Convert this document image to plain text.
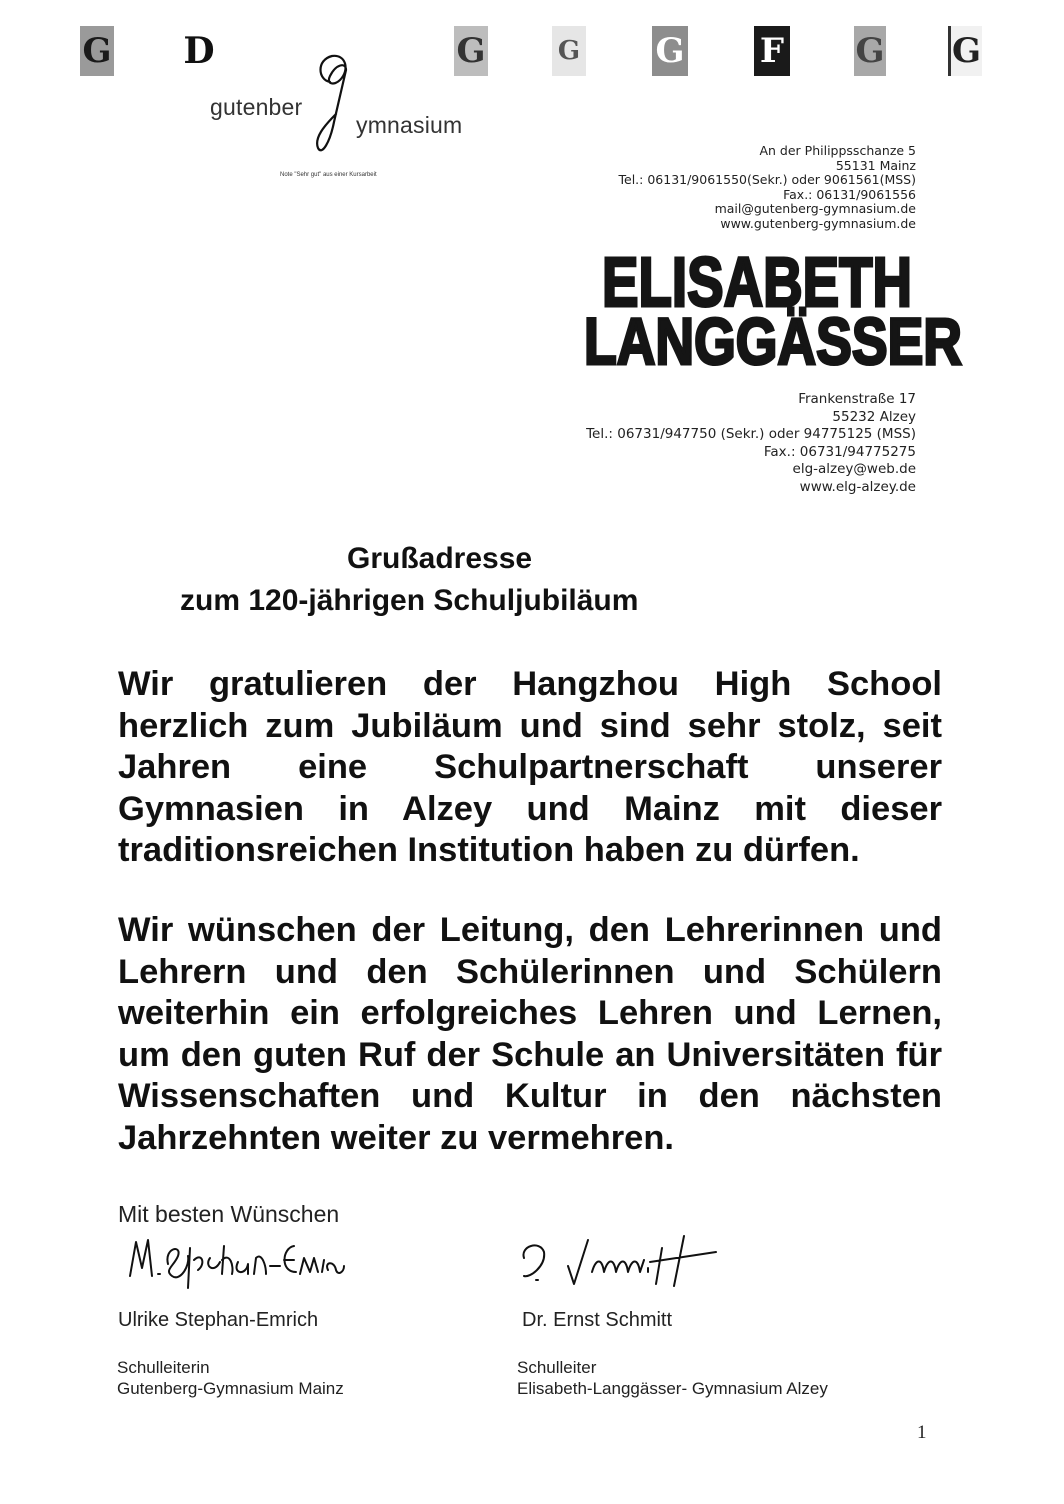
G D	G	G G F G G
gutenber
ymnasium
Note "Sehr gut" aus einer Kursarbeit
An der Philippsschanze 5
55131 Mainz
Tel.: 06131/9061550(Sekr.) oder 9061561(MSS)
Fax.: 06131/9061556
mail@gutenberg-gymnasium.de
www.gutenberg-gymnasium.de
ELISABETH
LANGGÄSSER
Frankenstraße 17
55232 Alzey
Tel.: 06731/947750 (Sekr.) oder 94775125 (MSS)
Fax.: 06731/94775275
elg-alzey@web.de
www.elg-alzey.de
Grußadresse
zum 120-jährigen Schuljubiläum

Wir gratulieren der Hangzhou High School herzlich zum Jubiläum und sind sehr stolz, seit Jahren eine Schulpartnerschaft unserer Gymnasien in Alzey und Mainz mit dieser traditionsreichen Institution haben zu dürfen.

Wir wünschen der Leitung, den Lehrerinnen und Lehrern und den Schülerinnen und Schülern weiterhin ein erfolgreiches Lehren und Lernen, um den guten Ruf der Schule an Universitäten für Wissenschaften und Kultur in den nächsten Jahrzehnten weiter zu vermehren.

Mit besten Wünschen
Ulrike Stephan-Emrich	Dr. Ernst Schmitt
Schulleiterin
Gutenberg-Gymnasium Mainz
Schulleiter
Elisabeth-Langgässer- Gymnasium Alzey
1
